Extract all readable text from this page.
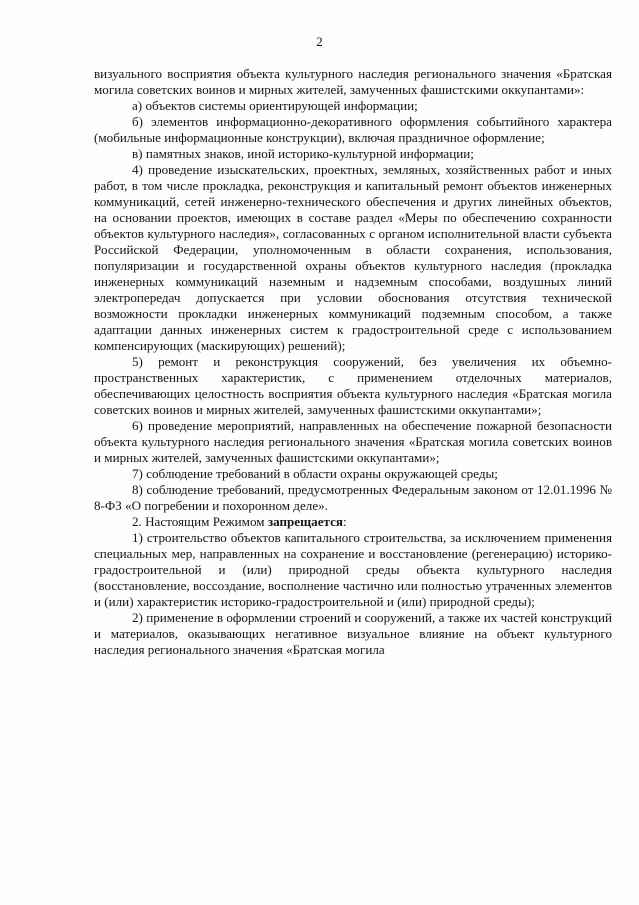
2

визуального восприятия объекта культурного наследия регионального значения «Братская могила советских воинов и мирных жителей, замученных фашистскими оккупантами»:

а) объектов системы ориентирующей информации;

б) элементов информационно-декоративного оформления событийного характера (мобильные информационные конструкции), включая праздничное оформление;

в) памятных знаков, иной историко-культурной информации;

4) проведение изыскательских, проектных, земляных, хозяйственных работ и иных работ, в том числе прокладка, реконструкция и капитальный ремонт объектов инженерных коммуникаций, сетей инженерно-технического обеспечения и других линейных объектов, на основании проектов, имеющих в составе раздел «Меры по обеспечению сохранности объектов культурного наследия», согласованных с органом исполнительной власти субъекта Российской Федерации, уполномоченным в области сохранения, использования, популяризации и государственной охраны объектов культурного наследия (прокладка инженерных коммуникаций наземным и надземным способами, воздушных линий электропередач допускается при условии обоснования отсутствия технической возможности прокладки инженерных коммуникаций подземным способом, а также адаптации данных инженерных систем к градостроительной среде с использованием компенсирующих (маскирующих) решений);

5) ремонт и реконструкция сооружений, без увеличения их объемно-пространственных характеристик, с применением отделочных материалов, обеспечивающих целостность восприятия объекта культурного наследия «Братская могила советских воинов и мирных жителей, замученных фашистскими оккупантами»;

6) проведение мероприятий, направленных на обеспечение пожарной безопасности объекта культурного наследия регионального значения «Братская могила советских воинов и мирных жителей, замученных фашистскими оккупантами»;

7) соблюдение требований в области охраны окружающей среды;

8) соблюдение требований, предусмотренных Федеральным законом от 12.01.1996 № 8-ФЗ «О погребении и похоронном деле».

2. Настоящим Режимом запрещается:

1) строительство объектов капитального строительства, за исключением применения специальных мер, направленных на сохранение и восстановление (регенерацию) историко-градостроительной и (или) природной среды объекта культурного наследия (восстановление, воссоздание, восполнение частично или полностью утраченных элементов и (или) характеристик историко-градостроительной и (или) природной среды);

2) применение в оформлении строений и сооружений, а также их частей конструкций и материалов, оказывающих негативное визуальное влияние на объект культурного наследия регионального значения «Братская могила
